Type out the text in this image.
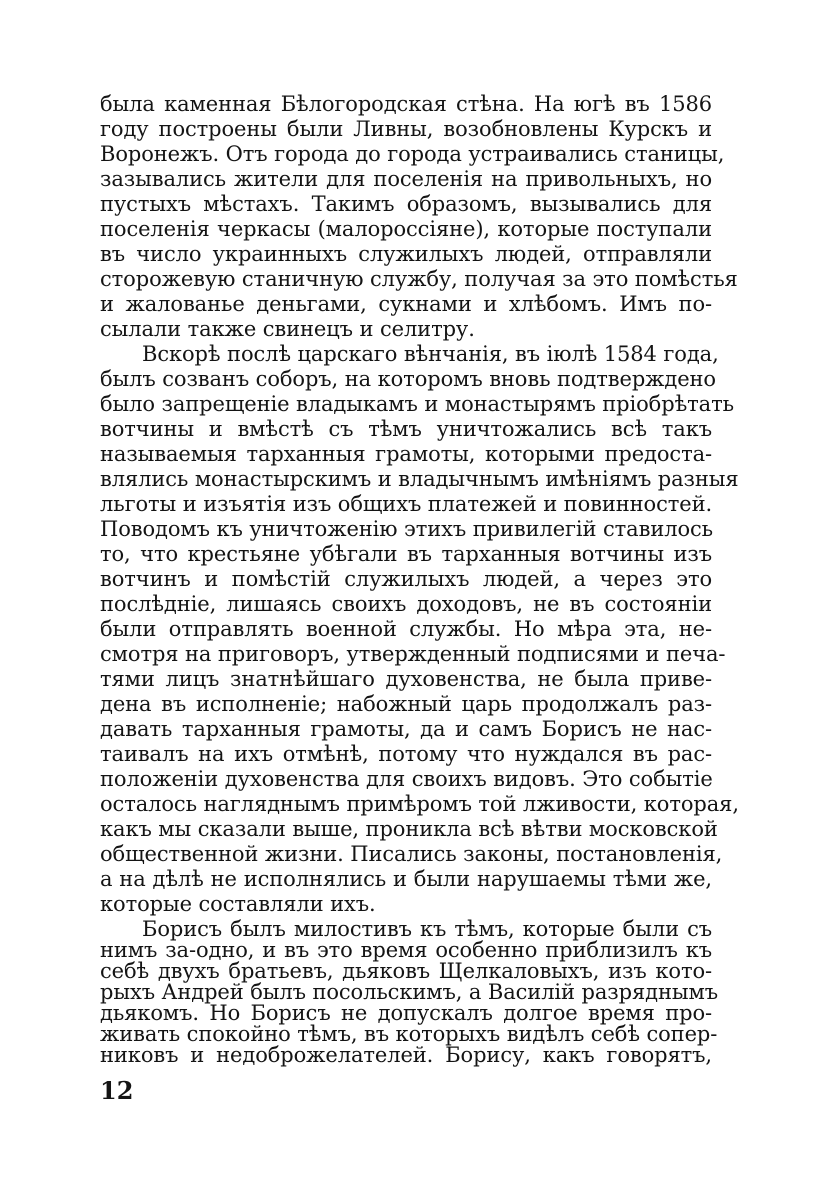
была каменная Бѣлогородская стѣна. На югѣ въ 1586
году построены были Ливны, возобновлены Курскъ и
Воронежъ. Отъ города до города устраивались станицы,
зазывались жители для поселенія на привольныхъ, но
пустыхъ мѣстахъ. Такимъ образомъ, вызывались для
поселенія черкасы (малороссіяне), которые поступали
въ число украинныхъ служилыхъ людей, отправляли
сторожевую станичную службу, получая за это помѣстья
и жалованье деньгами, сукнами и хлѣбомъ. Имъ по-
сылали также свинецъ и селитру.
Вскорѣ послѣ царскаго вѣнчанія, въ іюлѣ 1584 года,
былъ созванъ соборъ, на которомъ вновь подтверждено
было запрещеніе владыкамъ и монастырямъ пріобрѣтать
вотчины и вмѣстѣ съ тѣмъ уничтожались всѣ такъ
называемыя тарханныя грамоты, которыми предоста-
влялись монастырскимъ и владычнымъ имѣніямъ разныя
льготы и изъятія изъ общихъ платежей и повинностей.
Поводомъ къ уничтоженію этихъ привилегій ставилось
то, что крестьяне убѣгали въ тарханныя вотчины изъ
вотчинъ и помѣстій служилыхъ людей, а через это
послѣдніе, лишаясь своихъ доходовъ, не въ состояніи
были отправлять военной службы. Но мѣра эта, не-
смотря на приговоръ, утвержденный подписями и печа-
тями лицъ знатнѣйшаго духовенства, не была приве-
дена въ исполненіе; набожный царь продолжалъ раз-
давать тарханныя грамоты, да и самъ Борисъ не нас-
таивалъ на ихъ отмѣнѣ, потому что нуждался въ рас-
положеніи духовенства для своихъ видовъ. Это событіе
осталось нагляднымъ примѣромъ той лживости, которая,
какъ мы сказали выше, проникла всѣ вѣтви московской
общественной жизни. Писались законы, постановленія,
а на дѣлѣ не исполнялись и были нарушаемы тѣми же,
которые составляли ихъ.
Борисъ былъ милостивъ къ тѣмъ, которые были съ
нимъ за-одно, и въ это время особенно приблизилъ къ
себѣ двухъ братьевъ, дьяковъ Щелкаловыхъ, изъ кото-
рыхъ Андрей былъ посольскимъ, а Василій разряднымъ
дьякомъ. Но Борисъ не допускалъ долгое время про-
живать спокойно тѣмъ, въ которыхъ видѣлъ себѣ сопер-
никовъ и недоброжелателей. Борису, какъ говорятъ,
12
